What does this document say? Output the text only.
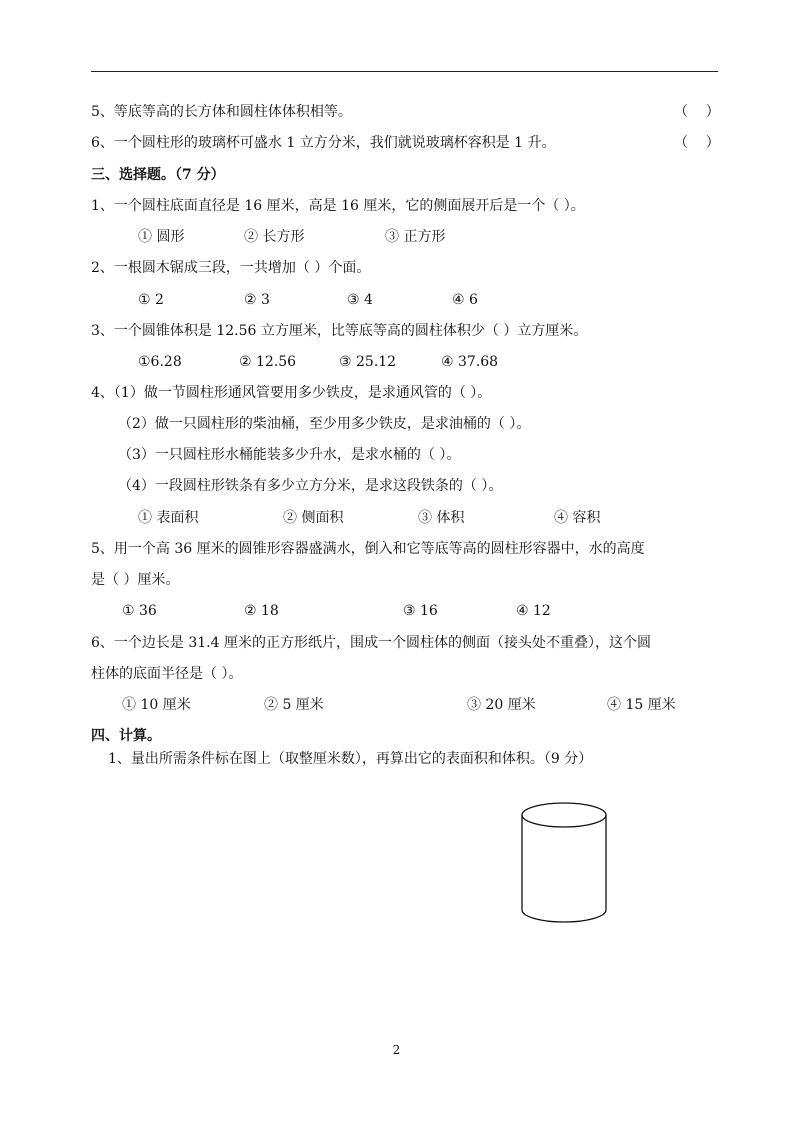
5、等底等高的长方体和圆柱体体积相等。	（    ）
6、一个圆柱形的玻璃杯可盛水 1 立方分米，我们就说玻璃杯容积是 1 升。	（    ）
三、选择题。（7 分）
1、一个圆柱底面直径是 16 厘米，高是 16 厘米，它的侧面展开后是一个（ ）。
① 圆形	② 长方形	③ 正方形
2、一根圆木锯成三段，一共增加（ ）个面。
① 2	② 3	③ 4	④ 6
3、一个圆锥体积是 12.56 立方厘米，比等底等高的圆柱体积少（ ）立方厘米。
①6.28	② 12.56	③ 25.12	④ 37.68
4、（1）做一节圆柱形通风管要用多少铁皮，是求通风管的（ ）。
（2）做一只圆柱形的柴油桶，至少用多少铁皮，是求油桶的（ ）。
（3）一只圆柱形水桶能装多少升水，是求水桶的（ ）。
（4）一段圆柱形铁条有多少立方分米，是求这段铁条的（ ）。
① 表面积	② 侧面积	③ 体积	④ 容积
5、用一个高 36 厘米的圆锥形容器盛满水，倒入和它等底等高的圆柱形容器中，水的高度
是（ ）厘米。
① 36	② 18	③ 16	④ 12
6、一个边长是 31.4 厘米的正方形纸片，围成一个圆柱体的侧面（接头处不重叠），这个圆
柱体的底面半径是（ ）。
① 10 厘米	② 5 厘米	③ 20 厘米	④ 15 厘米
四、计算。
1、量出所需条件标在图上（取整厘米数），再算出它的表面积和体积。（9 分）
2
